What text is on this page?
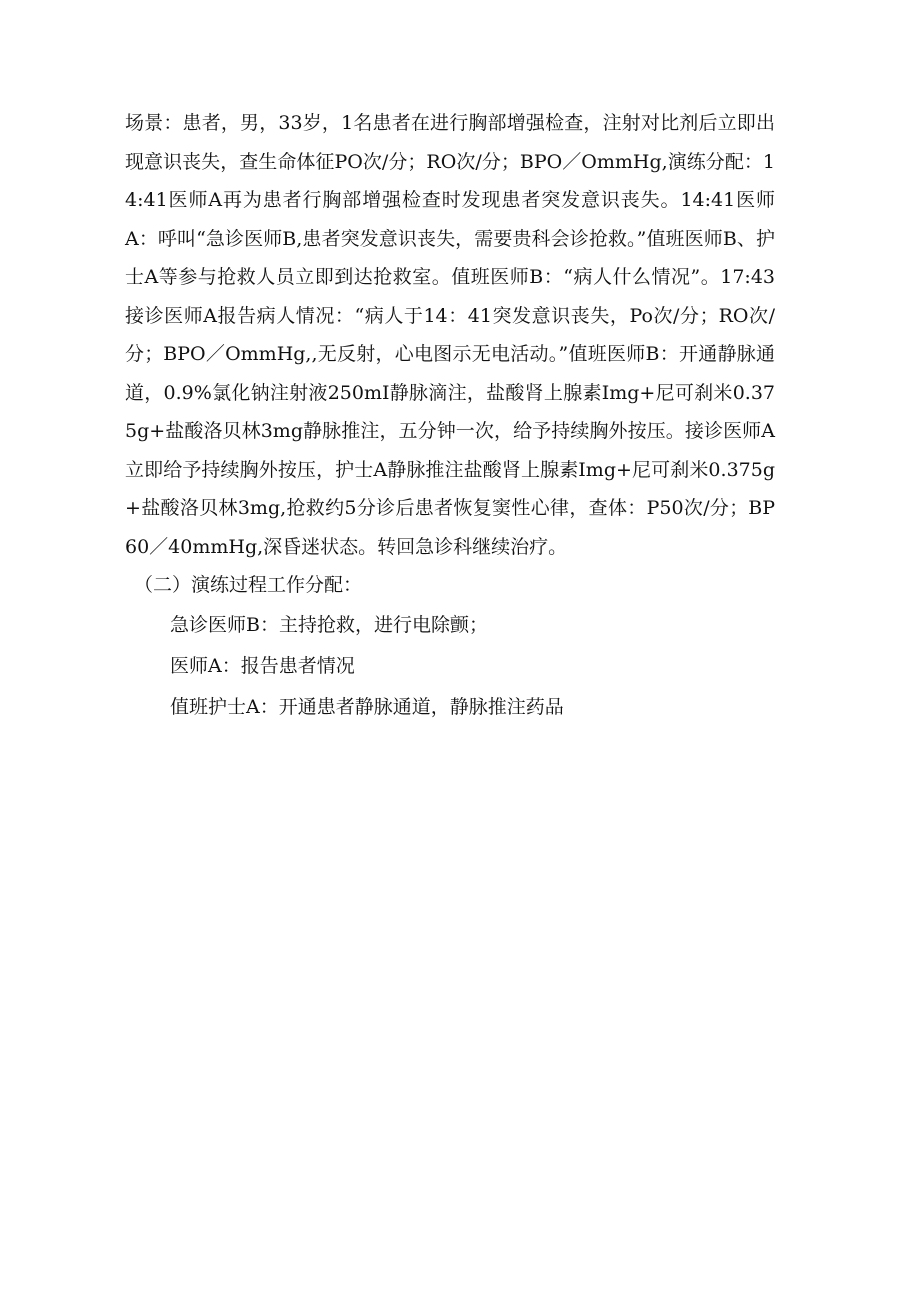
场景：患者，男，33岁，1名患者在进行胸部增强检查，注射对比剂后立即出现意识丧失，查生命体征PO次/分；RO次/分；BPO／OmmHg,演练分配：14:41医师A再为患者行胸部增强检查时发现患者突发意识丧失。14:41医师A：呼叫“急诊医师B,患者突发意识丧失，需要贵科会诊抢救。”值班医师B、护士A等参与抢救人员立即到达抢救室。值班医师B：“病人什么情况”。17:43接诊医师A报告病人情况：“病人于14：41突发意识丧失，Po次/分；RO次/分；BPO／OmmHg,,无反射，心电图示无电活动。”值班医师B：开通静脉通道，0.9%氯化钠注射液250mI静脉滴注，盐酸肾上腺素Img+尼可刹米0.375g+盐酸洛贝林3mg静脉推注，五分钟一次，给予持续胸外按压。接诊医师A立即给予持续胸外按压，护士A静脉推注盐酸肾上腺素Img+尼可刹米0.375g+盐酸洛贝林3mg,抢救约5分诊后患者恢复窦性心律，查体：P50次/分；BP60／40mmHg,深昏迷状态。转回急诊科继续治疗。

（二）演练过程工作分配：

急诊医师B：主持抢救，进行电除颤；
医师A：报告患者情况
值班护士A：开通患者静脉通道，静脉推注药品
